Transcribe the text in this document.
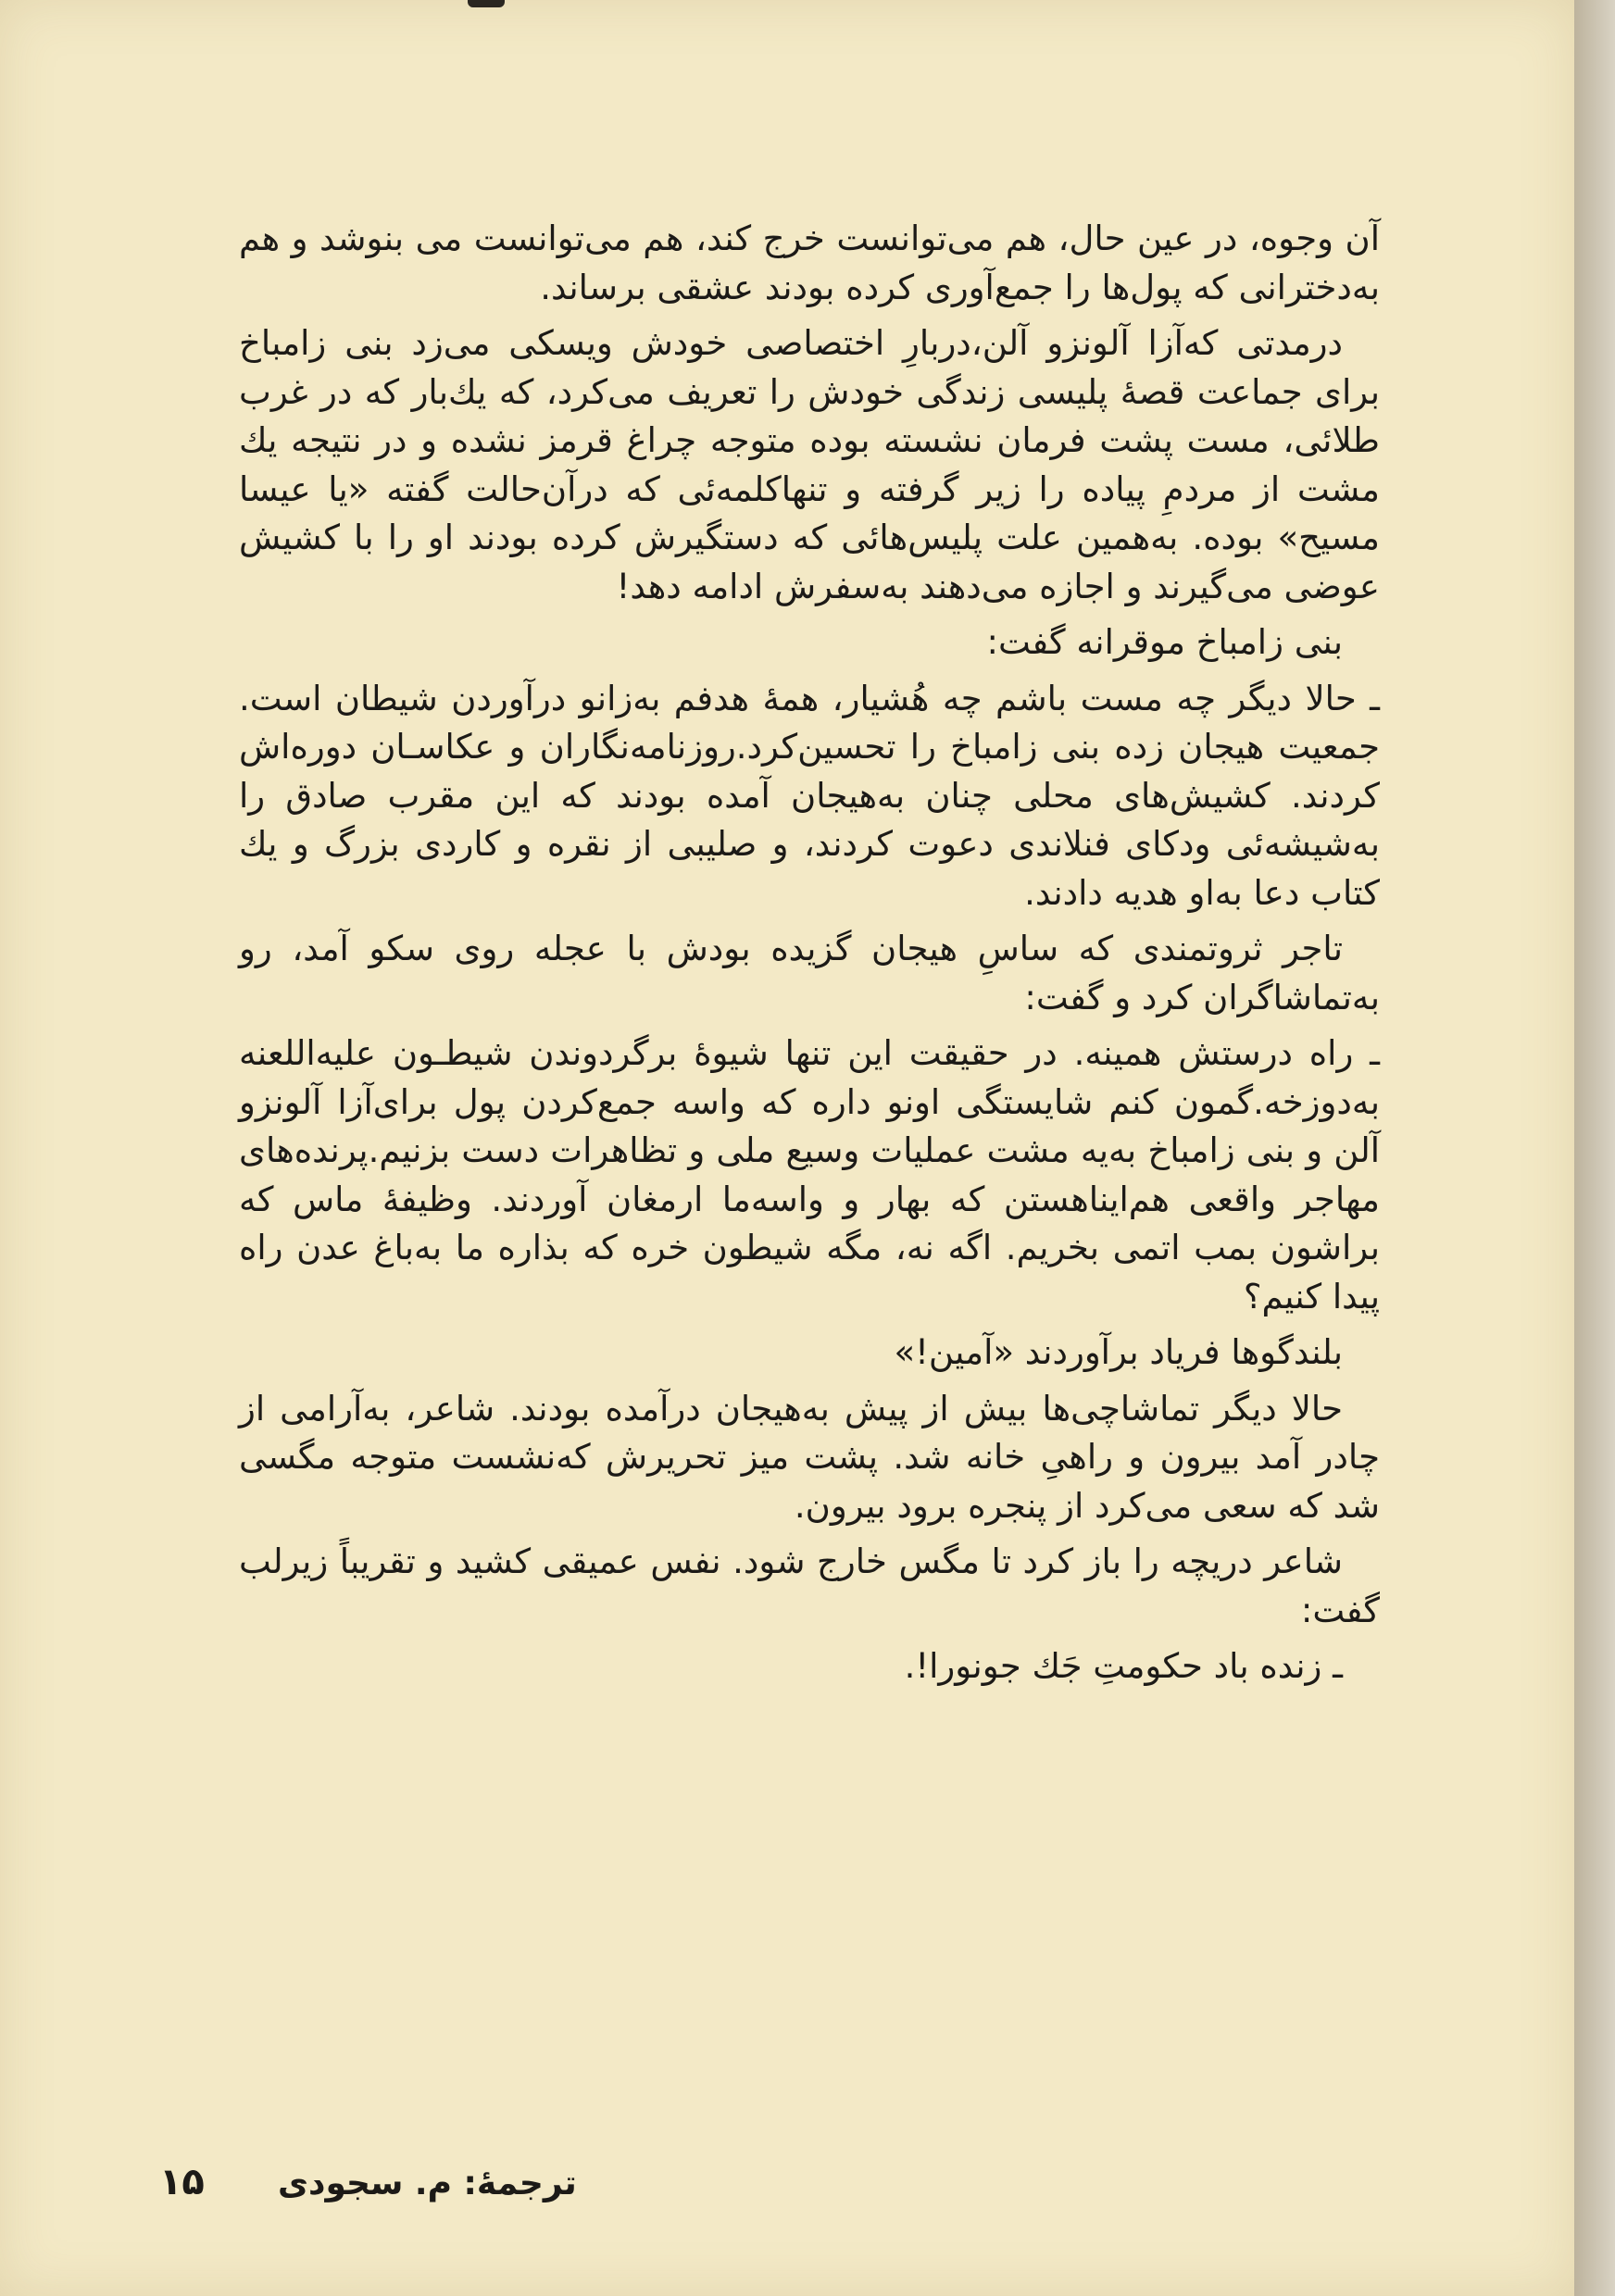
آن وجوه، در عین حال، هم می‌توانست خرج کند، هم می‌توانست می بنوشد و هم به‌دخترانی که پول‌ها را جمع‌آوری کرده بودند عشقی برساند.

درمدتی که‌آزا آلونزو آلن،دربارِ اختصاصی خودش ویسکی می‌زد بنی زامباخ برای جماعت قصهٔ پلیسی زندگی خودش را تعریف می‌کرد، که یك‌بار که در غرب طلائی، مست پشت فرمان نشسته بوده متوجه چراغ قرمز نشده و در نتیجه یك مشت از مردمِ پیاده را زیر گرفته و تنهاکلمه‌ئی که درآن‌حالت گفته «یا عیسا مسیح» بوده. به‌همین علت پلیس‌هائی که دستگیرش کرده بودند او را با کشیش عوضی می‌گیرند و اجازه می‌دهند به‌سفرش ادامه دهد!

بنی زامباخ موقرانه گفت:

ـ حالا دیگر چه مست باشم چه هُشیار، همهٔ هدفم به‌زانو درآوردن شیطان است. جمعیت هیجان زده بنی زامباخ را تحسین‌کرد.روزنامه‌نگاران و عکاسـان دوره‌اش کردند. کشیش‌های محلی چنان به‌هیجان آمده بودند که این مقرب صادق را به‌شیشه‌ئی ودکای فنلاندی دعوت کردند، و صلیبی از نقره و کاردی بزرگ و یك کتاب دعا به‌او هدیه دادند.

تاجر ثروتمندی که ساسِ هیجان گزیده بودش با عجله روی سکو آمد، رو به‌تماشاگران کرد و گفت:

ـ راه درستش همینه. در حقیقت این تنها شیوهٔ برگردوندن شیطـون علیه‌اللعنه به‌دوزخه.گمون کنم شایستگی اونو داره که واسه جمع‌کردن پول برای‌آزا آلونزو آلن و بنی زامباخ به‌یه مشت عملیات وسیع ملی و تظاهرات دست بزنیم.پرنده‌های مهاجر واقعی هم‌اینا‌هستن که بهار و واسه‌ما ارمغان آوردند. وظیفهٔ ماس که براشون بمب اتمی بخریم. اگه نه، مگه شیطون خره که بذاره ما به‌باغ عدن راه پیدا کنیم؟

بلندگوها فریاد برآوردند «آمین!»

حالا دیگر تماشاچی‌ها بیش از پیش به‌هیجان درآمده بودند. شاعر، به‌آرامی از چادر آمد بیرون و راهیِ خانه شد. پشت میز تحریرش که‌نشست متوجه مگسی شد که سعی می‌کرد از پنجره برود بیرون.

شاعر دریچه را باز کرد تا مگس خارج شود. نفس عمیقی کشید و تقریباً زیرلب گفت:

ـ زنده باد حکومتِ جَك جونورا!.

۱۵ ترجمهٔ: م. سجودی
